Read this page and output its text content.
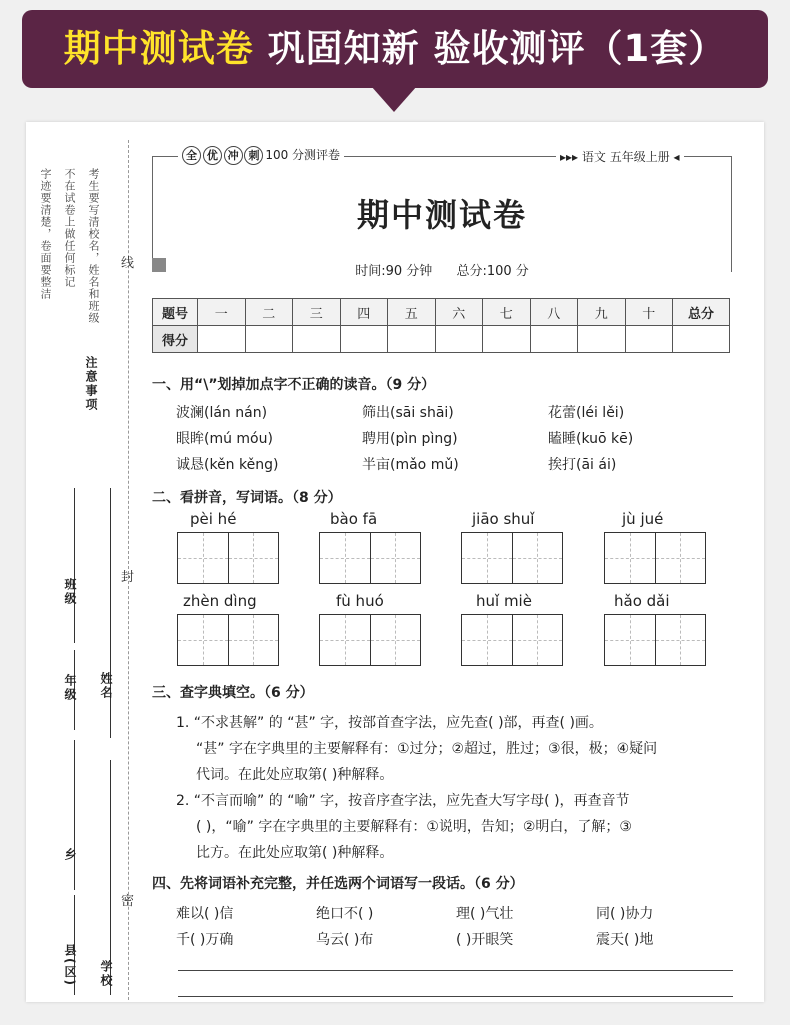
期中测试卷 巩固知新 验收测评（1套）
考生要写清校名，姓名和班级
不在试卷上做任何标记
字迹要清楚，卷面要整洁
注意事项
班级
年级 姓名
乡
县(区) 学校
线
封
密
全 优 冲 刺 100 分测评卷	▸▸▸ 语文 五年级上册 ◂
期中测试卷
时间:90 分钟 总分:100 分
题号	一	二	三	四	五	六	七	八	九	十	总分
得分											
一、用“\”划掉加点字不正确的读音。（9 分）
波澜(lán nán)	筛出(sāi shāi)	花蕾(léi lěi)
眼眸(mú móu)	聘用(pìn pìng)	瞌睡(kuō kē)
诚恳(kěn kěng)	半亩(mǎo mǔ)	挨打(āi ái)
二、看拼音，写词语。（8 分）
pèi hé	bào fā	jiāo shuǐ	jù jué
zhèn dìng	fù huó	huǐ miè	hǎo dǎi
三、查字典填空。（6 分）
1. “不求甚解” 的 “甚” 字，按部首查字法，应先查( )部，再查( )画。
“甚” 字在字典里的主要解释有：①过分；②超过，胜过；③很，极；④疑问
代词。在此处应取第( )种解释。
2. “不言而喻” 的 “喻” 字，按音序查字法，应先查大写字母( )，再查音节
( )，“喻” 字在字典里的主要解释有：①说明，告知；②明白，了解；③
比方。在此处应取第( )种解释。
四、先将词语补充完整，并任选两个词语写一段话。（6 分）
难以( )信	绝口不( )	理( )气壮	同( )协力
千( )万确	乌云( )布	( )开眼笑	震天( )地
